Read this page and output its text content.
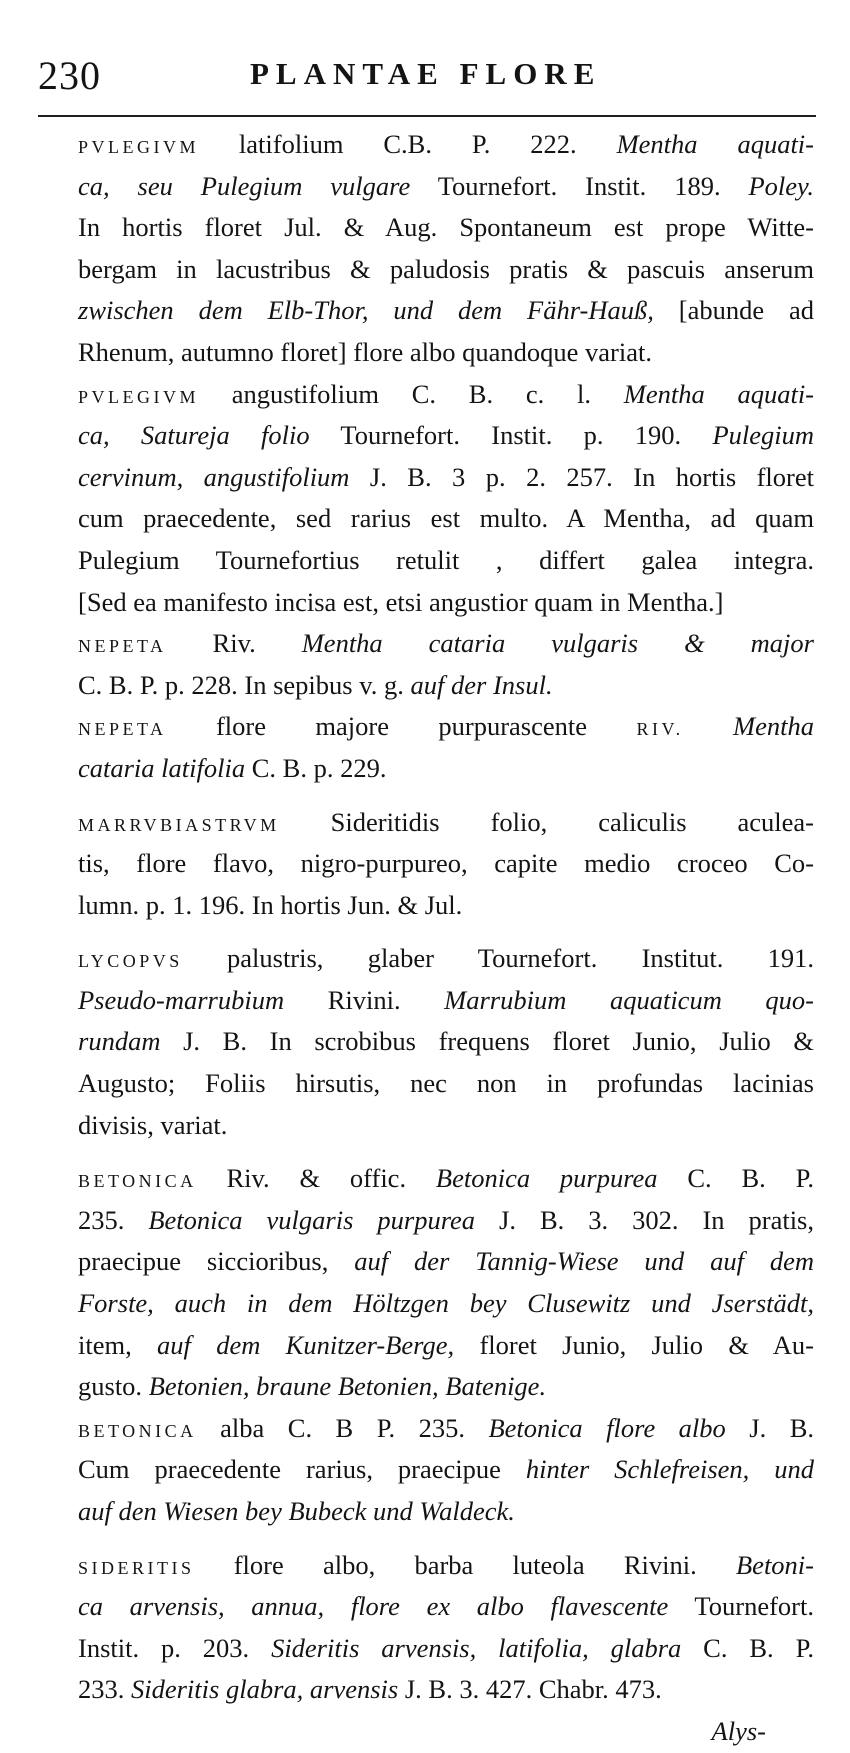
230	PLANTAE FLORE
PVLEGIVM latifolium C.B. P. 222. Mentha aquati-
ca, seu Pulegium vulgare Tournefort. Instit. 189. Poley.
In hortis floret Jul. & Aug. Spontaneum est prope Witte-
bergam in lacustribus & paludosis pratis & pascuis anserum
zwischen dem Elb-Thor, und dem Fähr-Hauß, [abunde ad
Rhenum, autumno floret] flore albo quandoque variat.
PVLEGIVM angustifolium C. B. c. l. Mentha aquati-
ca, Satureja folio Tournefort. Instit. p. 190. Pulegium
cervinum, angustifolium J. B. 3 p. 2. 257. In hortis floret
cum praecedente, sed rarius est multo. A Mentha, ad quam
Pulegium Tournefortius retulit , differt galea integra.
[Sed ea manifesto incisa est, etsi angustior quam in Mentha.]
NEPETA Riv. Mentha cataria vulgaris & major
C. B. P. p. 228. In sepibus v. g. auf der Insul.
NEPETA flore majore purpurascente RIV. Mentha
cataria latifolia C. B. p. 229.
MARRVBIASTRVM Sideritidis folio, caliculis aculea-
tis, flore flavo, nigro-purpureo, capite medio croceo Co-
lumn. p. 1. 196. In hortis Jun. & Jul.
LYCOPVS palustris, glaber Tournefort. Institut. 191.
Pseudo-marrubium Rivini. Marrubium aquaticum quo-
rundam J. B. In scrobibus frequens floret Junio, Julio &
Augusto; Foliis hirsutis, nec non in profundas lacinias
divisis, variat.
BETONICA Riv. & offic. Betonica purpurea C. B. P.
235. Betonica vulgaris purpurea J. B. 3. 302. In pratis,
praecipue siccioribus, auf der Tannig-Wiese und auf dem
Forste, auch in dem Höltzgen bey Clusewitz und Jserstädt,
item, auf dem Kunitzer-Berge, floret Junio, Julio & Au-
gusto. Betonien, braune Betonien, Batenige.
BETONICA alba C. B P. 235. Betonica flore albo J. B.
Cum praecedente rarius, praecipue hinter Schlefreisen, und
auf den Wiesen bey Bubeck und Waldeck.
SIDERITIS flore albo, barba luteola Rivini. Betoni-
ca arvensis, annua, flore ex albo flavescente Tournefort.
Instit. p. 203. Sideritis arvensis, latifolia, glabra C. B. P.
233. Sideritis glabra, arvensis J. B. 3. 427. Chabr. 473.
Alys-
